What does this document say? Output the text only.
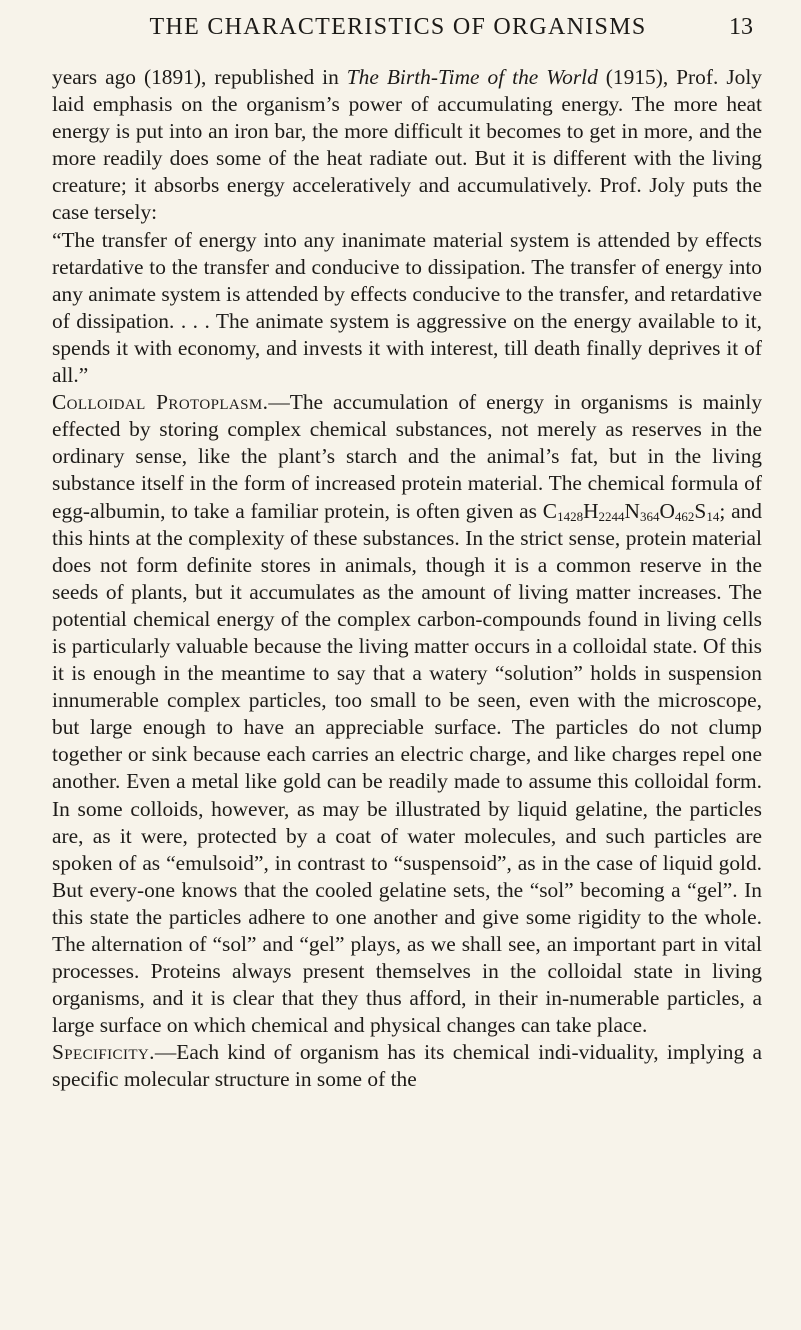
THE CHARACTERISTICS OF ORGANISMS	13

years ago (1891), republished in The Birth-Time of the World (1915), Prof. Joly laid emphasis on the organism’s power of accumulating energy. The more heat energy is put into an iron bar, the more difficult it becomes to get in more, and the more readily does some of the heat radiate out. But it is different with the living creature; it absorbs energy acceleratively and accumulatively. Prof. Joly puts the case tersely:

“The transfer of energy into any inanimate material system is attended by effects retardative to the transfer and conducive to dissipation. The transfer of energy into any animate system is attended by effects conducive to the transfer, and retardative of dissipation. . . . The animate system is aggressive on the energy available to it, spends it with economy, and invests it with interest, till death finally deprives it of all.”

Colloidal Protoplasm.—The accumulation of energy in organisms is mainly effected by storing complex chemical substances, not merely as reserves in the ordinary sense, like the plant’s starch and the animal’s fat, but in the living substance itself in the form of increased protein material. The chemical formula of egg-albumin, to take a familiar protein, is often given as $C_{1428}H_{2244}N_{364}O_{462}S_{14}$; and this hints at the complexity of these substances. In the strict sense, protein material does not form definite stores in animals, though it is a common reserve in the seeds of plants, but it accumulates as the amount of living matter increases. The potential chemical energy of the complex carbon-compounds found in living cells is particularly valuable because the living matter occurs in a colloidal state. Of this it is enough in the meantime to say that a watery “solution” holds in suspension innumerable complex particles, too small to be seen, even with the microscope, but large enough to have an appreciable surface. The particles do not clump together or sink because each carries an electric charge, and like charges repel one another. Even a metal like gold can be readily made to assume this colloidal form. In some colloids, however, as may be illustrated by liquid gelatine, the particles are, as it were, protected by a coat of water molecules, and such particles are spoken of as “emulsoid”, in contrast to “suspensoid”, as in the case of liquid gold. But every-one knows that the cooled gelatine sets, the “sol” becoming a “gel”. In this state the particles adhere to one another and give some rigidity to the whole. The alternation of “sol” and “gel” plays, as we shall see, an important part in vital processes. Proteins always present themselves in the colloidal state in living organisms, and it is clear that they thus afford, in their in-numerable particles, a large surface on which chemical and physical changes can take place.

Specificity.—Each kind of organism has its chemical indi-viduality, implying a specific molecular structure in some of the
